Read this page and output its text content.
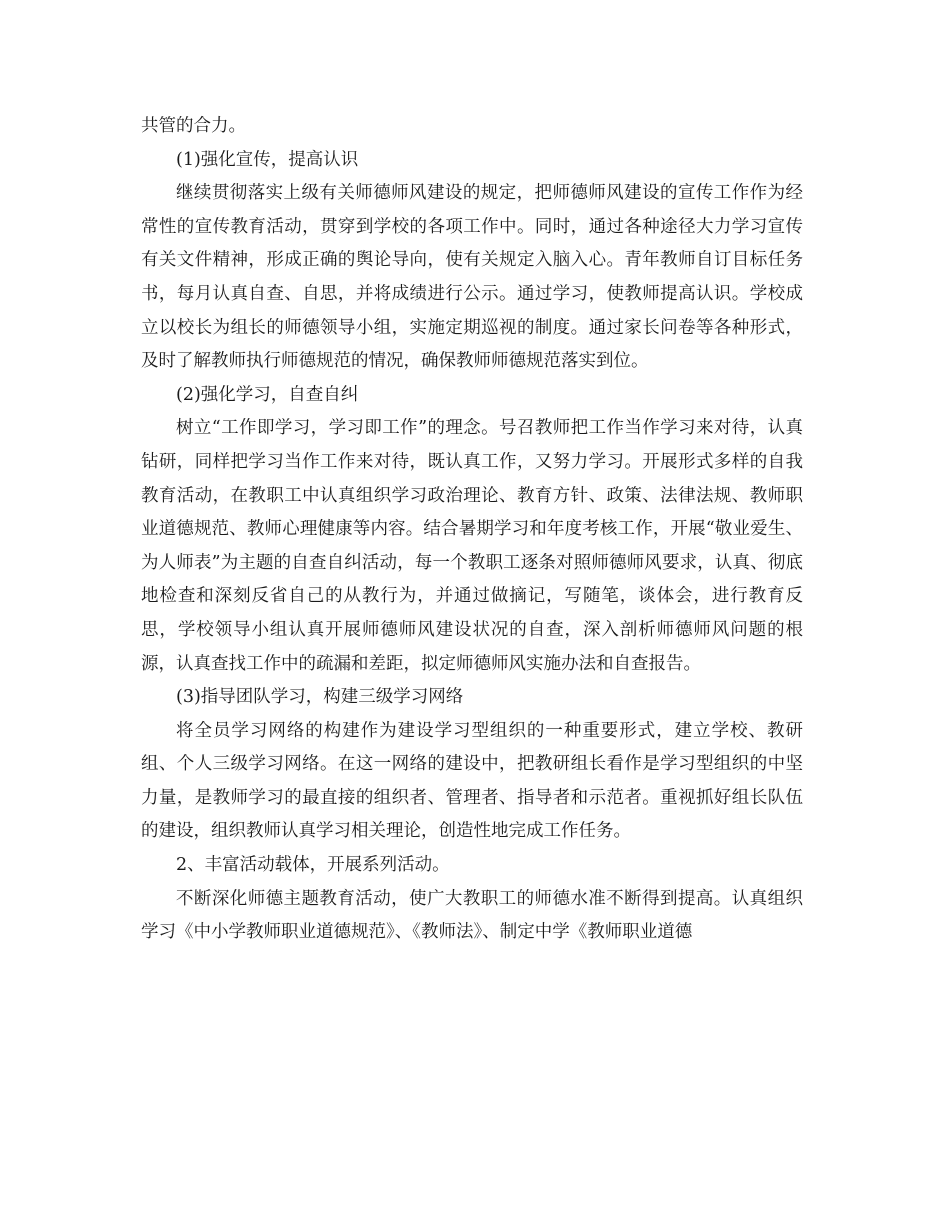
共管的合力。

(1)强化宣传，提高认识

继续贯彻落实上级有关师德师风建设的规定，把师德师风建设的宣传工作作为经常性的宣传教育活动，贯穿到学校的各项工作中。同时，通过各种途径大力学习宣传有关文件精神，形成正确的舆论导向，使有关规定入脑入心。青年教师自订目标任务书，每月认真自查、自思，并将成绩进行公示。通过学习，使教师提高认识。学校成立以校长为组长的师德领导小组，实施定期巡视的制度。通过家长问卷等各种形式，及时了解教师执行师德规范的情况，确保教师师德规范落实到位。

(2)强化学习，自查自纠

树立“工作即学习，学习即工作”的理念。号召教师把工作当作学习来对待，认真钻研，同样把学习当作工作来对待，既认真工作，又努力学习。开展形式多样的自我教育活动，在教职工中认真组织学习政治理论、教育方针、政策、法律法规、教师职业道德规范、教师心理健康等内容。结合暑期学习和年度考核工作，开展“敬业爱生、为人师表”为主题的自查自纠活动，每一个教职工逐条对照师德师风要求，认真、彻底地检查和深刻反省自己的从教行为，并通过做摘记，写随笔，谈体会，进行教育反思，学校领导小组认真开展师德师风建设状况的自查，深入剖析师德师风问题的根源，认真查找工作中的疏漏和差距，拟定师德师风实施办法和自查报告。

(3)指导团队学习，构建三级学习网络

将全员学习网络的构建作为建设学习型组织的一种重要形式，建立学校、教研组、个人三级学习网络。在这一网络的建设中，把教研组长看作是学习型组织的中坚力量，是教师学习的最直接的组织者、管理者、指导者和示范者。重视抓好组长队伍的建设，组织教师认真学习相关理论，创造性地完成工作任务。

2、丰富活动载体，开展系列活动。

不断深化师德主题教育活动，使广大教职工的师德水准不断得到提高。认真组织学习《中小学教师职业道德规范》、《教师法》、制定中学《教师职业道德
